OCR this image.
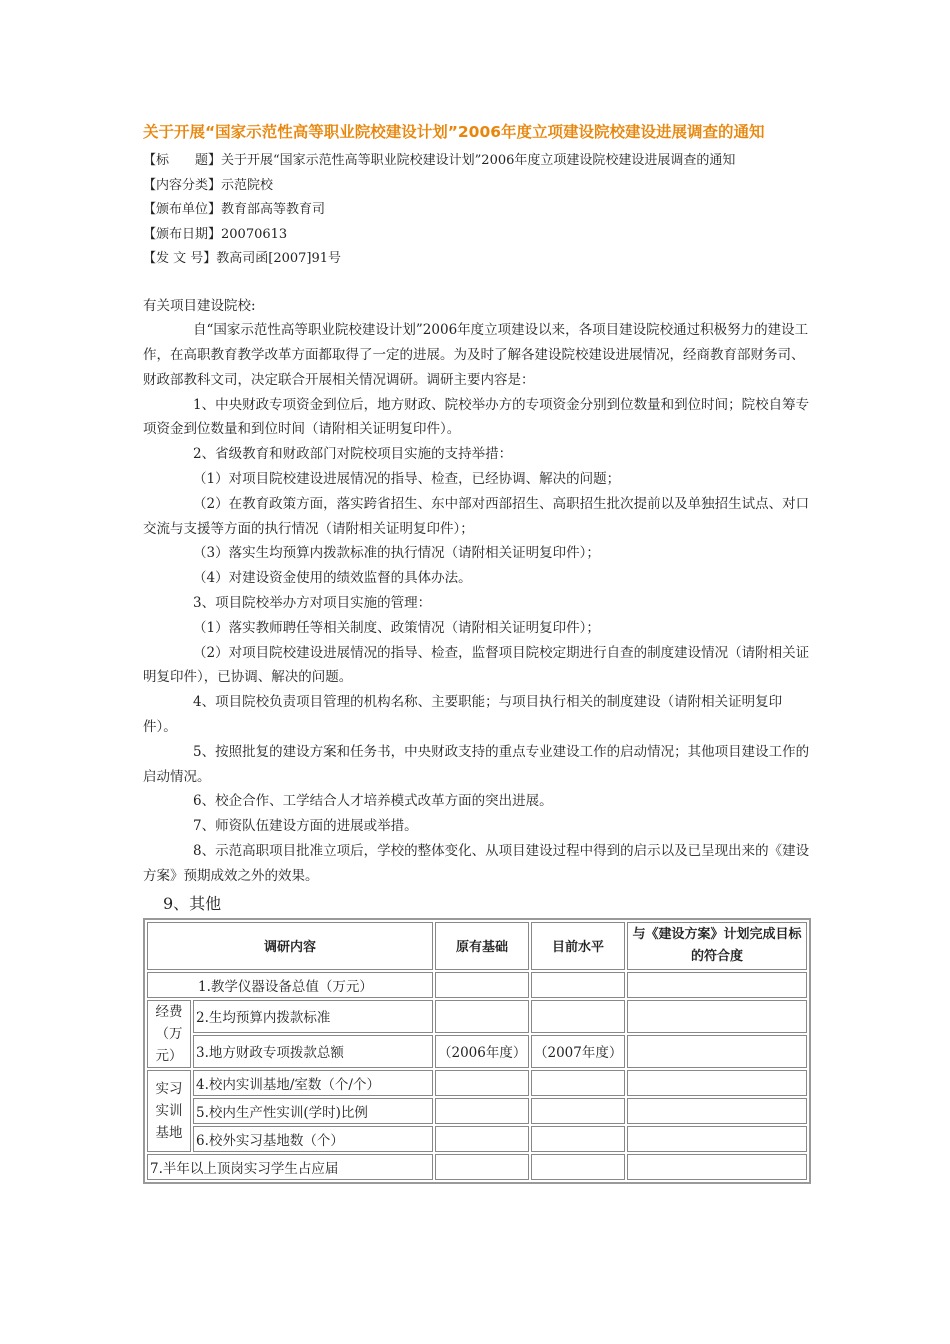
关于开展“国家示范性高等职业院校建设计划”2006年度立项建设院校建设进展调查的通知
【标　　题】关于开展“国家示范性高等职业院校建设计划”2006年度立项建设院校建设进展调查的通知
【内容分类】示范院校
【颁布单位】教育部高等教育司
【颁布日期】20070613
【发 文 号】教高司函[2007]91号

有关项目建设院校:

自“国家示范性高等职业院校建设计划”2006年度立项建设以来，各项目建设院校通过积极努力的建设工作，在高职教育教学改革方面都取得了一定的进展。为及时了解各建设院校建设进展情况，经商教育部财务司、财政部教科文司，决定联合开展相关情况调研。调研主要内容是：

1、中央财政专项资金到位后，地方财政、院校举办方的专项资金分别到位数量和到位时间；院校自筹专项资金到位数量和到位时间（请附相关证明复印件）。

2、省级教育和财政部门对院校项目实施的支持举措：

（1）对项目院校建设进展情况的指导、检查，已经协调、解决的问题；

（2）在教育政策方面，落实跨省招生、东中部对西部招生、高职招生批次提前以及单独招生试点、对口交流与支援等方面的执行情况（请附相关证明复印件）；

（3）落实生均预算内拨款标准的执行情况（请附相关证明复印件）；

（4）对建设资金使用的绩效监督的具体办法。

3、项目院校举办方对项目实施的管理：

（1）落实教师聘任等相关制度、政策情况（请附相关证明复印件）；

（2）对项目院校建设进展情况的指导、检查，监督项目院校定期进行自查的制度建设情况（请附相关证明复印件），已协调、解决的问题。

4、项目院校负责项目管理的机构名称、主要职能；与项目执行相关的制度建设（请附相关证明复印件）。

5、按照批复的建设方案和任务书，中央财政支持的重点专业建设工作的启动情况；其他项目建设工作的启动情况。

6、校企合作、工学结合人才培养模式改革方面的突出进展。

7、师资队伍建设方面的进展或举措。

8、示范高职项目批准立项后，学校的整体变化、从项目建设过程中得到的启示以及已呈现出来的《建设方案》预期成效之外的效果。

9、其他
调研内容		原有基础	目前水平	与《建设方案》计划完成目标的符合度
1.教学仪器设备总值（万元）				
经费（万元）	2.生均预算内拨款标准			
	3.地方财政专项拨款总额	（2006年度）	（2007年度）	
实习实训基地	4.校内实训基地/室数（个/个）			
	5.校内生产性实训(学时)比例			
	6.校外实习基地数（个）			
7.半年以上顶岗实习学生占应届				
